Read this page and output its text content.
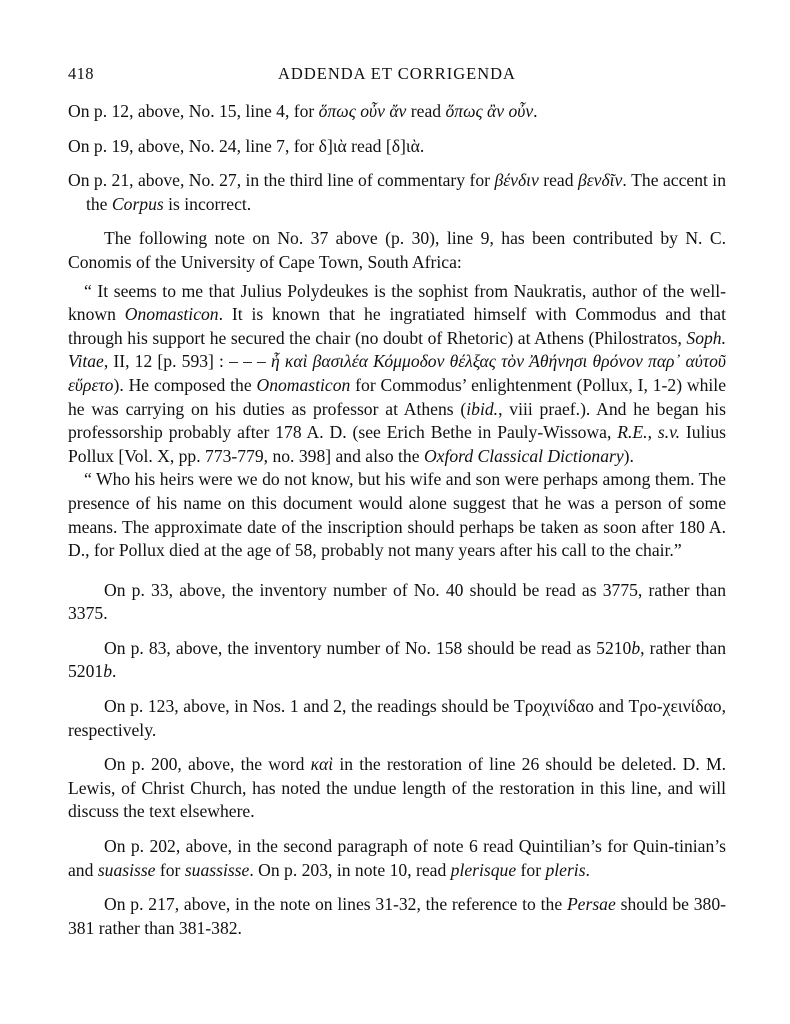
418	ADDENDA ET CORRIGENDA

On p. 12, above, No. 15, line 4, for ὅπως οὖν ἄν read ὅπως ἂν οὖν.

On p. 19, above, No. 24, line 7, for δ]ιὰ read [δ]ιὰ.

On p. 21, above, No. 27, in the third line of commentary for βένδιν read βενδῖν. The accent in the Corpus is incorrect.

The following note on No. 37 above (p. 30), line 9, has been contributed by N. C. Conomis of the University of Cape Town, South Africa:

“ It seems to me that Julius Polydeukes is the sophist from Naukratis, author of the well-known Onomasticon. It is known that he ingratiated himself with Commodus and that through his support he secured the chair (no doubt of Rhetoric) at Athens (Philostratos, Soph. Vitae, II, 12 [p. 593] : – – – ἧ καὶ βασιλέα Κόμμοδον θέλξας τὸν Ἀθήνησι θρόνον παρ᾽ αὐτοῦ εὕρετο). He composed the Onomasticon for Commodus’ enlightenment (Pollux, I, 1-2) while he was carrying on his duties as professor at Athens (ibid., viii praef.). And he began his professorship probably after 178 A. D. (see Erich Bethe in Pauly-Wissowa, R.E., s.v. Iulius Pollux [Vol. X, pp. 773-779, no. 398] and also the Oxford Classical Dictionary).

“ Who his heirs were we do not know, but his wife and son were perhaps among them. The presence of his name on this document would alone suggest that he was a person of some means. The approximate date of the inscription should perhaps be taken as soon after 180 A. D., for Pollux died at the age of 58, probably not many years after his call to the chair.”

On p. 33, above, the inventory number of No. 40 should be read as 3775, rather than 3375.

On p. 83, above, the inventory number of No. 158 should be read as 5210b, rather than 5201b.

On p. 123, above, in Nos. 1 and 2, the readings should be Τροχινίδαο and Τρο-χεινίδαο, respectively.

On p. 200, above, the word καὶ in the restoration of line 26 should be deleted. D. M. Lewis, of Christ Church, has noted the undue length of the restoration in this line, and will discuss the text elsewhere.

On p. 202, above, in the second paragraph of note 6 read Quintilian’s for Quin-tinian’s and suasisse for suassisse. On p. 203, in note 10, read plerisque for pleris.

On p. 217, above, in the note on lines 31-32, the reference to the Persae should be 380-381 rather than 381-382.
